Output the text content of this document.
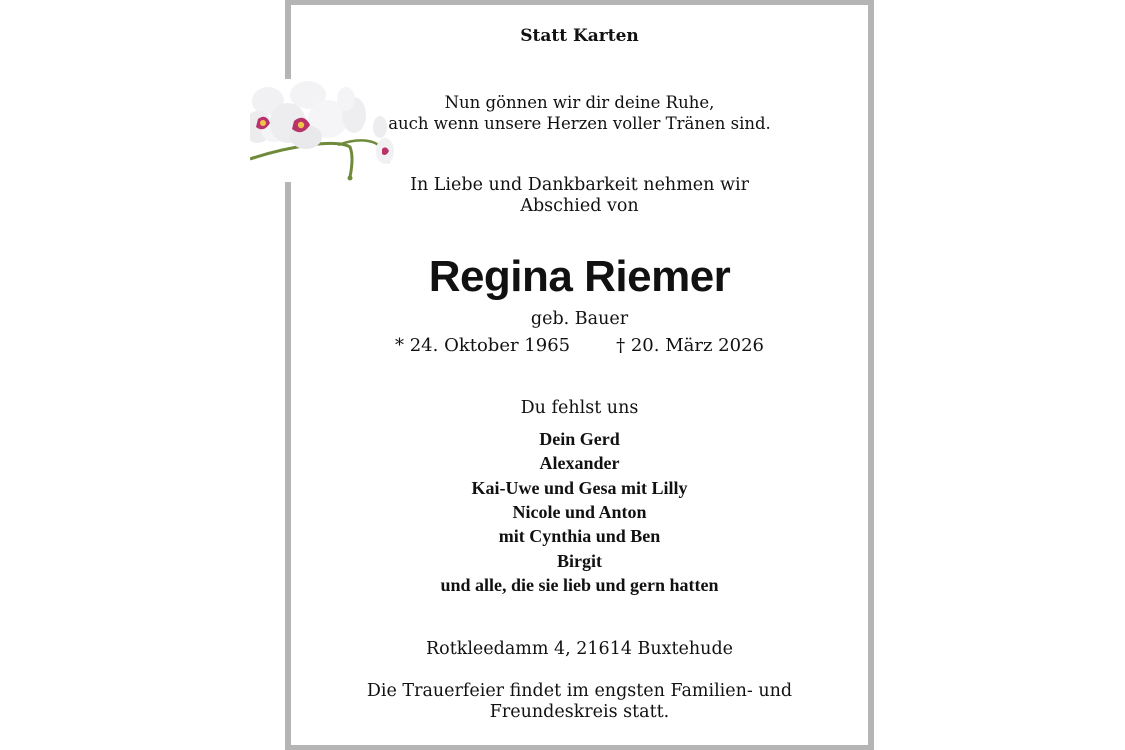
Statt Karten
Nun gönnen wir dir deine Ruhe,
auch wenn unsere Herzen voller Tränen sind.
In Liebe und Dankbarkeit nehmen wir
Abschied von
Regina Riemer
geb. Bauer
* 24. Oktober 1965	† 20. März 2026
Du fehlst uns
Dein Gerd
Alexander
Kai-Uwe und Gesa mit Lilly
Nicole und Anton
mit Cynthia und Ben
Birgit
und alle, die sie lieb und gern hatten
Rotkleedamm 4, 21614 Buxtehude
Die Trauerfeier findet im engsten Familien- und
Freundeskreis statt.
